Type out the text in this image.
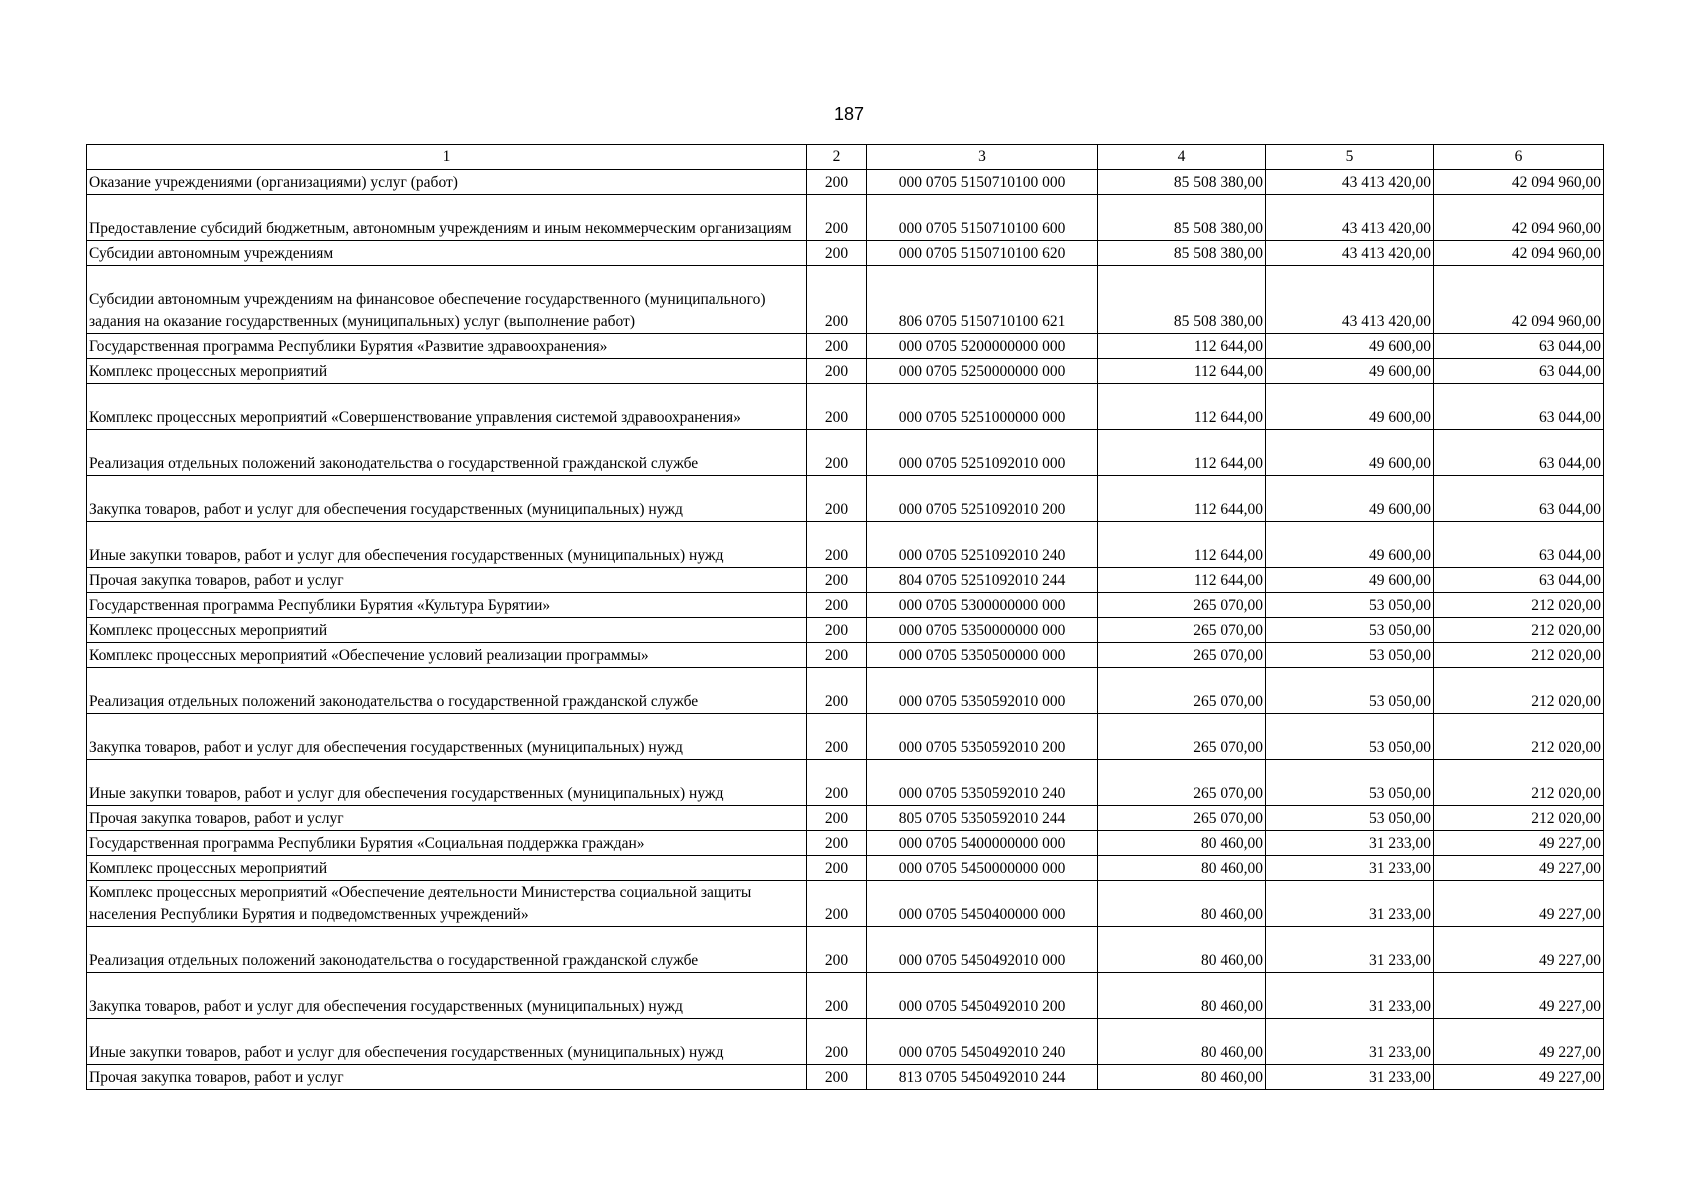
187
1	2	3	4	5	6
Оказание учреждениями (организациями) услуг (работ)	200	000 0705 5150710100 000	85 508 380,00	43 413 420,00	42 094 960,00
Предоставление субсидий бюджетным, автономным учреждениям и иным некоммерческим организациям	200	000 0705 5150710100 600	85 508 380,00	43 413 420,00	42 094 960,00
Субсидии автономным учреждениям	200	000 0705 5150710100 620	85 508 380,00	43 413 420,00	42 094 960,00
Субсидии автономным учреждениям на финансовое обеспечение государственного (муниципального) задания на оказание государственных (муниципальных) услуг (выполнение работ)	200	806 0705 5150710100 621	85 508 380,00	43 413 420,00	42 094 960,00
Государственная программа Республики Бурятия «Развитие здравоохранения»	200	000 0705 5200000000 000	112 644,00	49 600,00	63 044,00
Комплекс процессных мероприятий	200	000 0705 5250000000 000	112 644,00	49 600,00	63 044,00
Комплекс процессных мероприятий «Совершенствование управления системой здравоохранения»	200	000 0705 5251000000 000	112 644,00	49 600,00	63 044,00
Реализация отдельных положений законодательства о государственной гражданской службе	200	000 0705 5251092010 000	112 644,00	49 600,00	63 044,00
Закупка товаров, работ и услуг для обеспечения государственных (муниципальных) нужд	200	000 0705 5251092010 200	112 644,00	49 600,00	63 044,00
Иные закупки товаров, работ и услуг для обеспечения государственных (муниципальных) нужд	200	000 0705 5251092010 240	112 644,00	49 600,00	63 044,00
Прочая закупка товаров, работ и услуг	200	804 0705 5251092010 244	112 644,00	49 600,00	63 044,00
Государственная программа Республики Бурятия «Культура Бурятии»	200	000 0705 5300000000 000	265 070,00	53 050,00	212 020,00
Комплекс процессных мероприятий	200	000 0705 5350000000 000	265 070,00	53 050,00	212 020,00
Комплекс процессных мероприятий «Обеспечение условий реализации программы»	200	000 0705 5350500000 000	265 070,00	53 050,00	212 020,00
Реализация отдельных положений законодательства о государственной гражданской службе	200	000 0705 5350592010 000	265 070,00	53 050,00	212 020,00
Закупка товаров, работ и услуг для обеспечения государственных (муниципальных) нужд	200	000 0705 5350592010 200	265 070,00	53 050,00	212 020,00
Иные закупки товаров, работ и услуг для обеспечения государственных (муниципальных) нужд	200	000 0705 5350592010 240	265 070,00	53 050,00	212 020,00
Прочая закупка товаров, работ и услуг	200	805 0705 5350592010 244	265 070,00	53 050,00	212 020,00
Государственная программа Республики Бурятия «Социальная поддержка граждан»	200	000 0705 5400000000 000	80 460,00	31 233,00	49 227,00
Комплекс процессных мероприятий	200	000 0705 5450000000 000	80 460,00	31 233,00	49 227,00
Комплекс процессных мероприятий «Обеспечение деятельности Министерства социальной защиты населения Республики Бурятия и подведомственных учреждений»	200	000 0705 5450400000 000	80 460,00	31 233,00	49 227,00
Реализация отдельных положений законодательства о государственной гражданской службе	200	000 0705 5450492010 000	80 460,00	31 233,00	49 227,00
Закупка товаров, работ и услуг для обеспечения государственных (муниципальных) нужд	200	000 0705 5450492010 200	80 460,00	31 233,00	49 227,00
Иные закупки товаров, работ и услуг для обеспечения государственных (муниципальных) нужд	200	000 0705 5450492010 240	80 460,00	31 233,00	49 227,00
Прочая закупка товаров, работ и услуг	200	813 0705 5450492010 244	80 460,00	31 233,00	49 227,00
